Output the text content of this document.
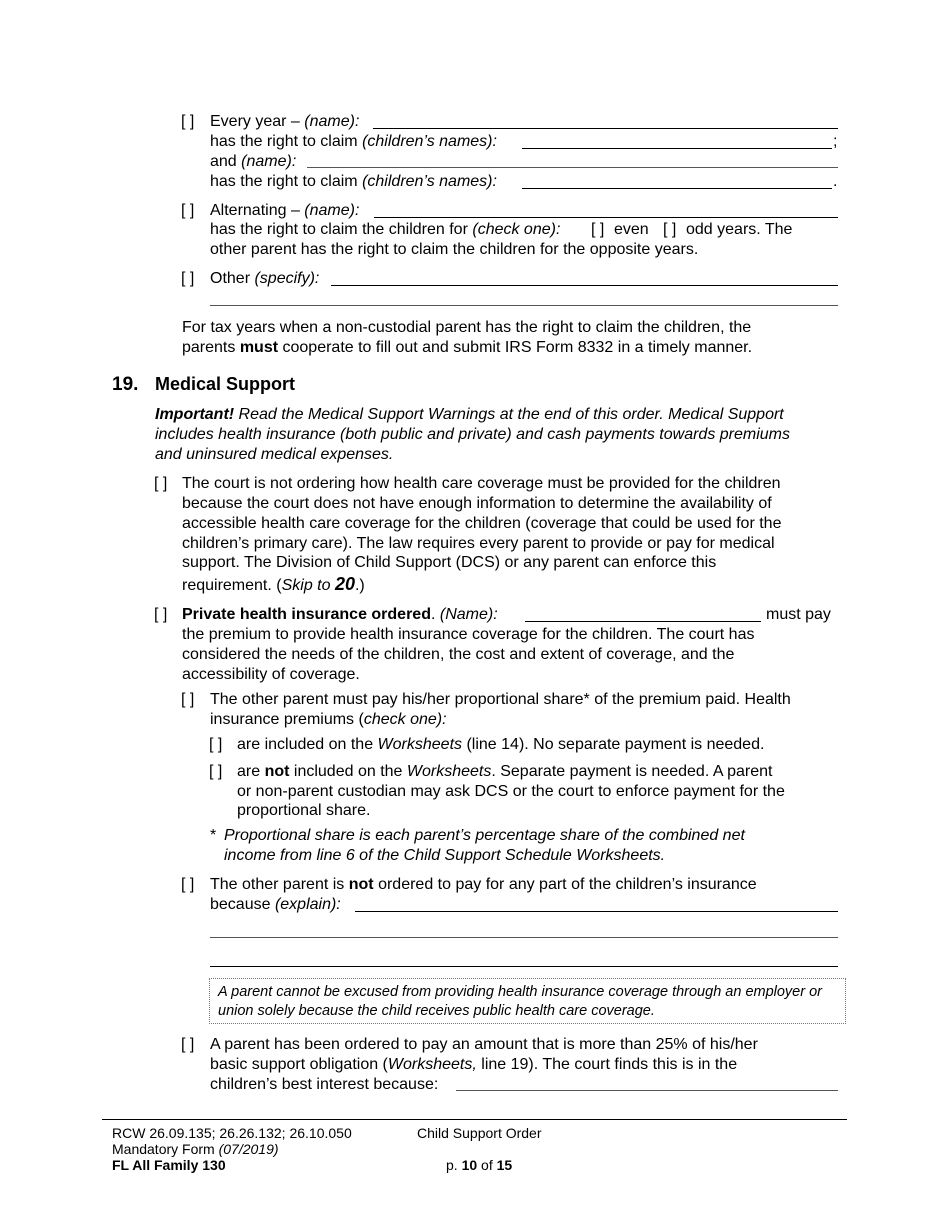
[ ] Every year – (name):
has the right to claim (children’s names):	;
and (name):
has the right to claim (children’s names):	.
[ ] Alternating – (name):
has the right to claim the children for (check one): [ ] even [ ] odd years. The
other parent has the right to claim the children for the opposite years.
[ ] Other (specify):
For tax years when a non-custodial parent has the right to claim the children, the
parents must cooperate to fill out and submit IRS Form 8332 in a timely manner.
19. Medical Support
Important! Read the Medical Support Warnings at the end of this order. Medical Support
includes health insurance (both public and private) and cash payments towards premiums
and uninsured medical expenses.
[ ] The court is not ordering how health care coverage must be provided for the children
because the court does not have enough information to determine the availability of
accessible health care coverage for the children (coverage that could be used for the
children’s primary care). The law requires every parent to provide or pay for medical
support. The Division of Child Support (DCS) or any parent can enforce this
requirement. (Skip to 20.)
[ ] Private health insurance ordered. (Name):	must pay
the premium to provide health insurance coverage for the children. The court has
considered the needs of the children, the cost and extent of coverage, and the
accessibility of coverage.
[ ] The other parent must pay his/her proportional share* of the premium paid. Health
insurance premiums (check one):
[ ] are included on the Worksheets (line 14). No separate payment is needed.
[ ] are not included on the Worksheets. Separate payment is needed. A parent
or non-parent custodian may ask DCS or the court to enforce payment for the
proportional share.
* Proportional share is each parent’s percentage share of the combined net
income from line 6 of the Child Support Schedule Worksheets.
[ ] The other parent is not ordered to pay for any part of the children’s insurance
because (explain):
A parent cannot be excused from providing health insurance coverage through an employer or
union solely because the child receives public health care coverage.
[ ] A parent has been ordered to pay an amount that is more than 25% of his/her
basic support obligation (Worksheets, line 19). The court finds this is in the
children’s best interest because:
RCW 26.09.135; 26.26.132; 26.10.050
Mandatory Form (07/2019)
FL All Family 130
Child Support Order
p. 10 of 15
